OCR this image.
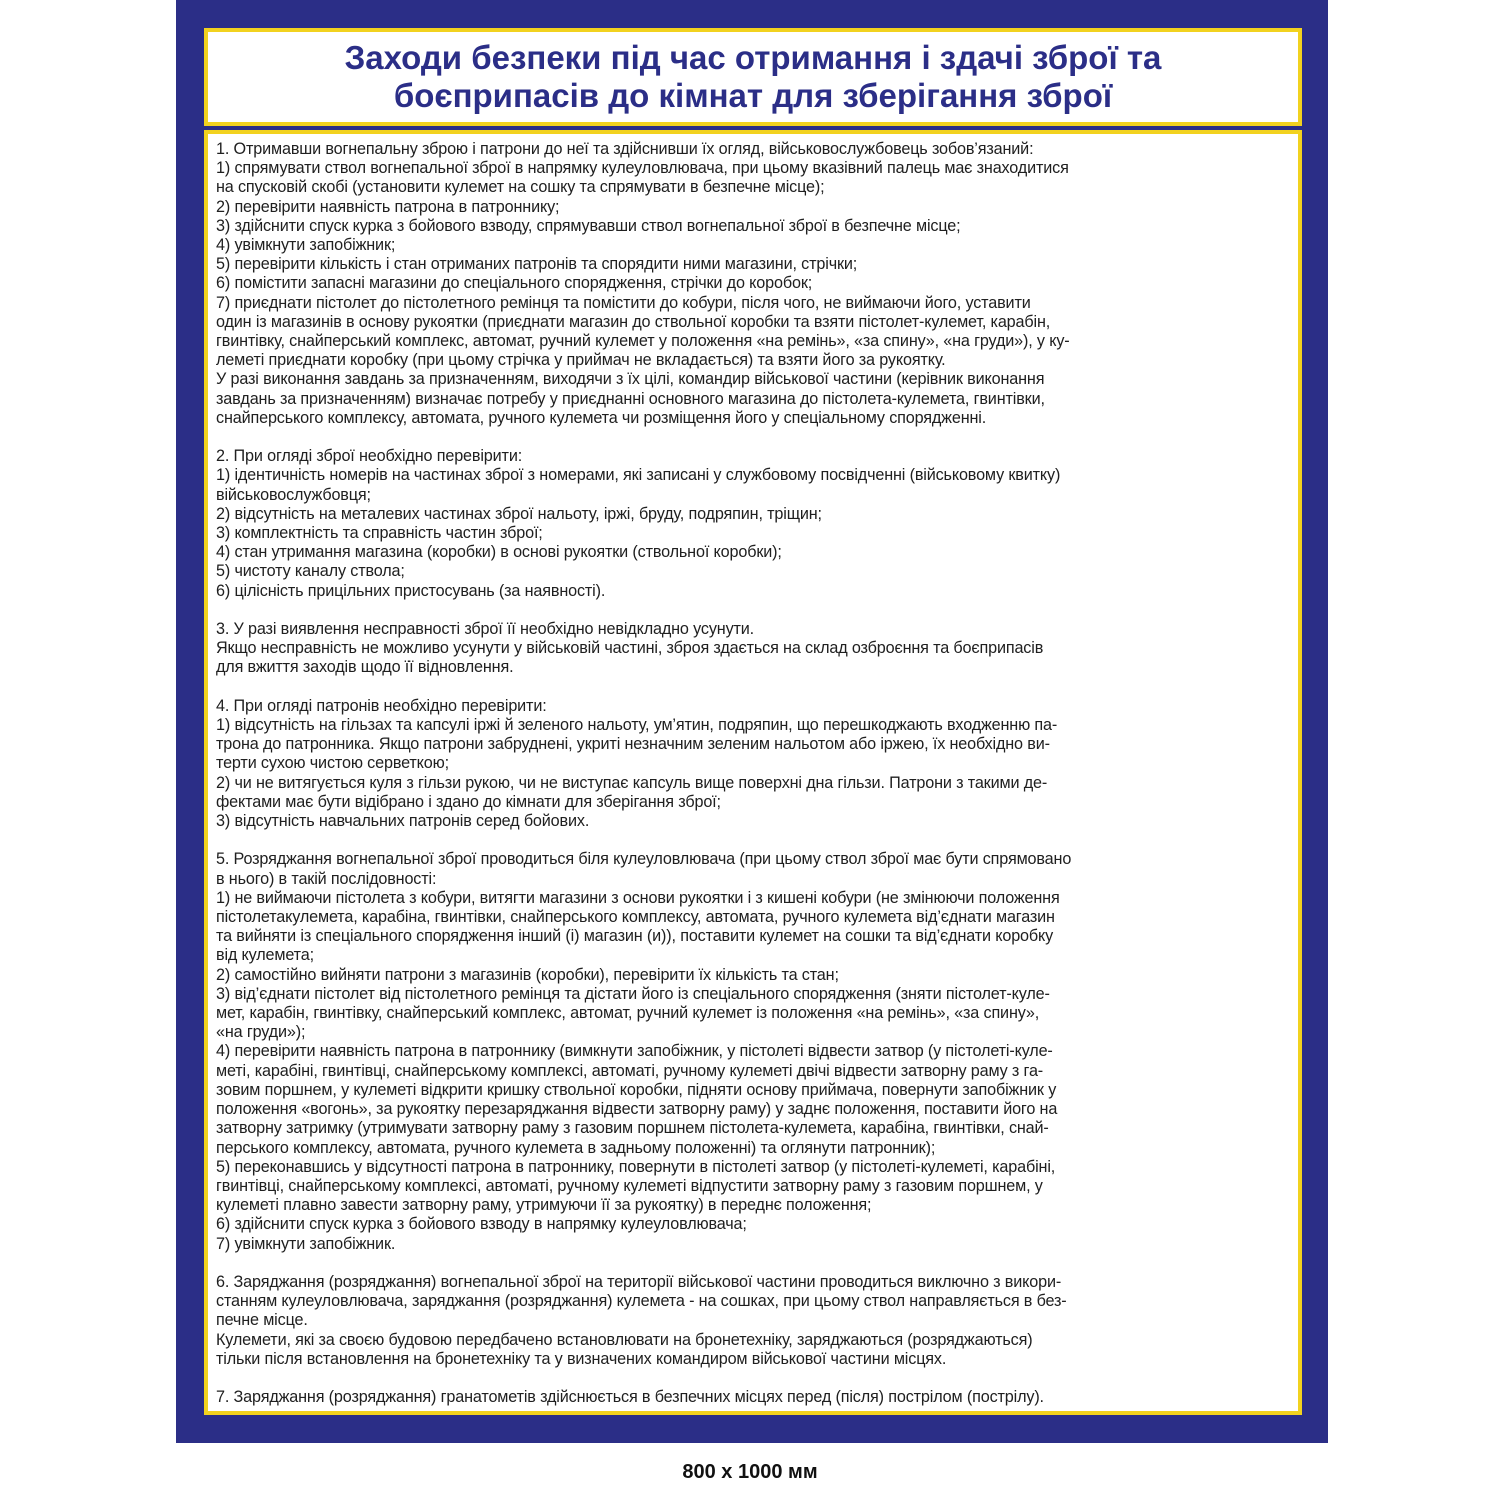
Заходи безпеки під час отримання і здачі зброї та
боєприпасів до кімнат для зберігання зброї
1. Отримавши вогнепальну зброю і патрони до неї та здійснивши їх огляд, військовослужбовець зобов’язаний:
1) спрямувати ствол вогнепальної зброї в напрямку кулеуловлювача, при цьому вказівний палець має знаходитися
на спусковій скобі (установити кулемет на сошку та спрямувати в безпечне місце);
2) перевірити наявність патрона в патроннику;
3) здійснити спуск курка з бойового взводу, спрямувавши ствол вогнепальної зброї в безпечне місце;
4) увімкнути запобіжник;
5) перевірити кількість і стан отриманих патронів та спорядити ними магазини, стрічки;
6) помістити запасні магазини до спеціального спорядження, стрічки до коробок;
7) приєднати пістолет до пістолетного ремінця та помістити до кобури, після чого, не виймаючи його, уставити
один із магазинів в основу рукоятки (приєднати магазин до ствольної коробки та взяти пістолет-кулемет, карабін,
гвинтівку, снайперський комплекс, автомат, ручний кулемет у положення «на ремінь», «за спину», «на груди»), у ку-
леметі приєднати коробку (при цьому стрічка у приймач не вкладається) та взяти його за рукоятку.
У разі виконання завдань за призначенням, виходячи з їх цілі, командир військової частини (керівник виконання
завдань за призначенням) визначає потребу у приєднанні основного магазина до пістолета-кулемета, гвинтівки,
снайперського комплексу, автомата, ручного кулемета чи розміщення його у спеціальному спорядженні.
2. При огляді зброї необхідно перевірити:
1) ідентичність номерів на частинах зброї з номерами, які записані у службовому посвідченні (військовому квитку)
військовослужбовця;
2) відсутність на металевих частинах зброї нальоту, іржі, бруду, подряпин, тріщин;
3) комплектність та справність частин зброї;
4) стан утримання магазина (коробки) в основі рукоятки (ствольної коробки);
5) чистоту каналу ствола;
6) цілісність прицільних пристосувань (за наявності).
3. У разі виявлення несправності зброї її необхідно невідкладно усунути.
Якщо несправність не можливо усунути у військовій частині, зброя здається на склад озброєння та боєприпасів
для вжиття заходів щодо її відновлення.
4. При огляді патронів необхідно перевірити:
1) відсутність на гільзах та капсулі іржі й зеленого нальоту, ум’ятин, подряпин, що перешкоджають входженню па-
трона до патронника. Якщо патрони забруднені, укриті незначним зеленим нальотом або іржею, їх необхідно ви-
терти сухою чистою серветкою;
2) чи не витягується куля з гільзи рукою, чи не виступає капсуль вище поверхні дна гільзи. Патрони з такими де-
фектами має бути відібрано і здано до кімнати для зберігання зброї;
3) відсутність навчальних патронів серед бойових.
5. Розряджання вогнепальної зброї проводиться біля кулеуловлювача (при цьому ствол зброї має бути спрямовано
в нього) в такій послідовності:
1) не виймаючи пістолета з кобури, витягти магазини з основи рукоятки і з кишені кобури (не змінюючи положення
пістолетакулемета, карабіна, гвинтівки, снайперського комплексу, автомата, ручного кулемета від’єднати магазин
та вийняти із спеціального спорядження інший (і) магазин (и)), поставити кулемет на сошки та від’єднати коробку
від кулемета;
2) самостійно вийняти патрони з магазинів (коробки), перевірити їх кількість та стан;
3) від’єднати пістолет від пістолетного ремінця та дістати його із спеціального спорядження (зняти пістолет-куле-
мет, карабін, гвинтівку, снайперський комплекс, автомат, ручний кулемет із положення «на ремінь», «за спину»,
«на груди»);
4) перевірити наявність патрона в патроннику (вимкнути запобіжник, у пістолеті відвести затвор (у пістолеті-куле-
меті, карабіні, гвинтівці, снайперському комплексі, автоматі, ручному кулеметі двічі відвести затворну раму з га-
зовим поршнем, у кулеметі відкрити кришку ствольної коробки, підняти основу приймача, повернути запобіжник у
положення «вогонь», за рукоятку перезаряджання відвести затворну раму) у заднє положення, поставити його на
затворну затримку (утримувати затворну раму з газовим поршнем пістолета-кулемета, карабіна, гвинтівки, снай-
перського комплексу, автомата, ручного кулемета в задньому положенні) та оглянути патронник);
5) переконавшись у відсутності патрона в патроннику, повернути в пістолеті затвор (у пістолеті-кулеметі, карабіні,
гвинтівці, снайперському комплексі, автоматі, ручному кулеметі відпустити затворну раму з газовим поршнем, у
кулеметі плавно завести затворну раму, утримуючи її за рукоятку) в переднє положення;
6) здійснити спуск курка з бойового взводу в напрямку кулеуловлювача;
7) увімкнути запобіжник.
6. Заряджання (розряджання) вогнепальної зброї на території військової частини проводиться виключно з викори-
станням кулеуловлювача, заряджання (розряджання) кулемета - на сошках, при цьому ствол направляється в без-
печне місце.
Кулемети, які за своєю будовою передбачено встановлювати на бронетехніку, заряджаються (розряджаються)
тільки після встановлення на бронетехніку та у визначених командиром військової частини місцях.
7. Заряджання (розряджання) гранатометів здійснюється в безпечних місцях перед (після) пострілом (пострілу).
800 х 1000 мм
